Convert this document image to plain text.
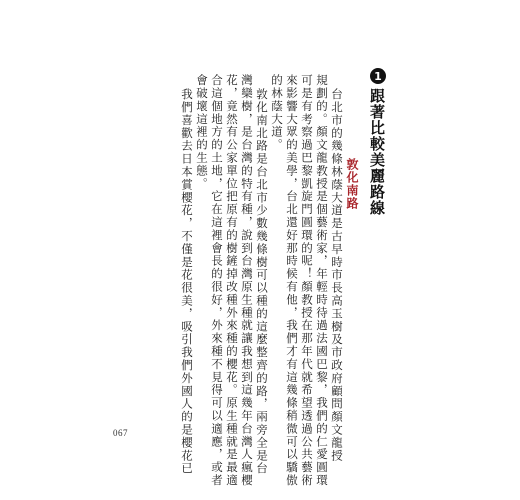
1
跟著比較美麗路線
敦化南路
台北市的幾條林蔭大道是古早時市長高玉樹及市政府顧問顏文龍授
規劃的。顏文龍教授是個藝術家，年輕時待過法國巴黎，我們的仁愛圓環
可是有考察過巴黎凱旋門圓環的呢！顏教授在那年代就希望透過公共藝術
來影響大眾的美學，台北還好那時候有他，我們才有這幾條稍微可以驕傲
的林蔭大道。
敦化南北路是台北市少數幾條樹可以種的這麼整齊的路，兩旁全是台
灣欒樹，是台灣的特有種，說到台灣原生種就讓我想到這幾年台灣人瘋櫻
花，竟然有公家單位把原有的樹鏟掉改種外來種的櫻花。原生種就是最適
合這個地方的土地，它在這裡會長的很好，外來種不見得可以適應，或者
會破壞這裡的生態。
我們喜歡去日本賞櫻花，不僅是花很美，吸引我們外國人的是櫻花已
067
